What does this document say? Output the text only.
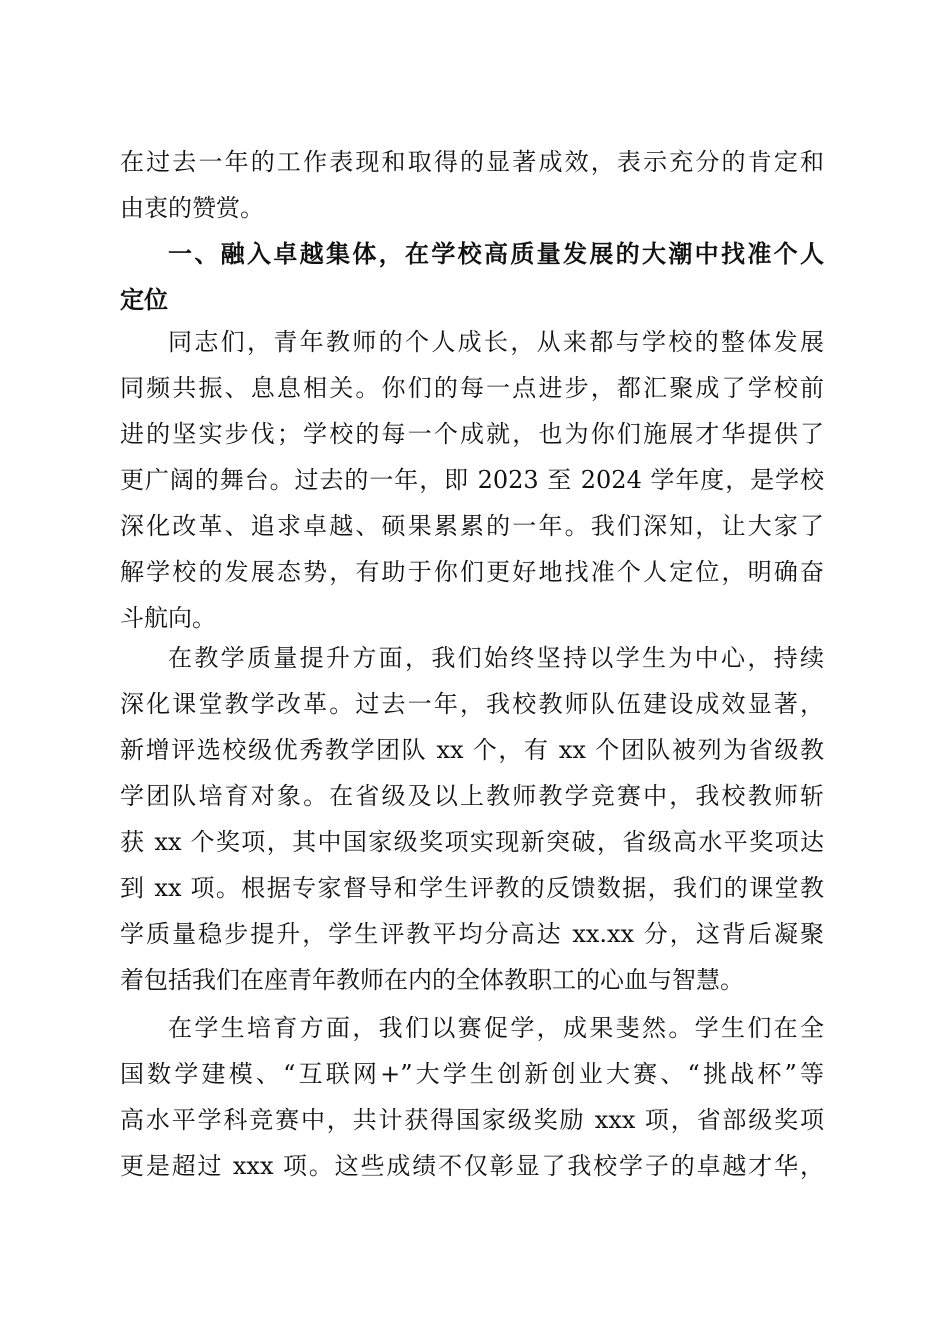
在过去一年的工作表现和取得的显著成效，表示充分的肯定和
由衷的赞赏。
一、融入卓越集体，在学校高质量发展的大潮中找准个人
定位
同志们，青年教师的个人成长，从来都与学校的整体发展
同频共振、息息相关。你们的每一点进步，都汇聚成了学校前
进的坚实步伐；学校的每一个成就，也为你们施展才华提供了
更广阔的舞台。过去的一年，即 2023 至 2024 学年度，是学校
深化改革、追求卓越、硕果累累的一年。我们深知，让大家了
解学校的发展态势，有助于你们更好地找准个人定位，明确奋
斗航向。
在教学质量提升方面，我们始终坚持以学生为中心，持续
深化课堂教学改革。过去一年，我校教师队伍建设成效显著，
新增评选校级优秀教学团队 xx 个，有 xx 个团队被列为省级教
学团队培育对象。在省级及以上教师教学竞赛中，我校教师斩
获 xx 个奖项，其中国家级奖项实现新突破，省级高水平奖项达
到 xx 项。根据专家督导和学生评教的反馈数据，我们的课堂教
学质量稳步提升，学生评教平均分高达 xx.xx 分，这背后凝聚
着包括我们在座青年教师在内的全体教职工的心血与智慧。
在学生培育方面，我们以赛促学，成果斐然。学生们在全
国数学建模、“互联网+”大学生创新创业大赛、“挑战杯”等
高水平学科竞赛中，共计获得国家级奖励 xxx 项，省部级奖项
更是超过 xxx 项。这些成绩不仅彰显了我校学子的卓越才华，
